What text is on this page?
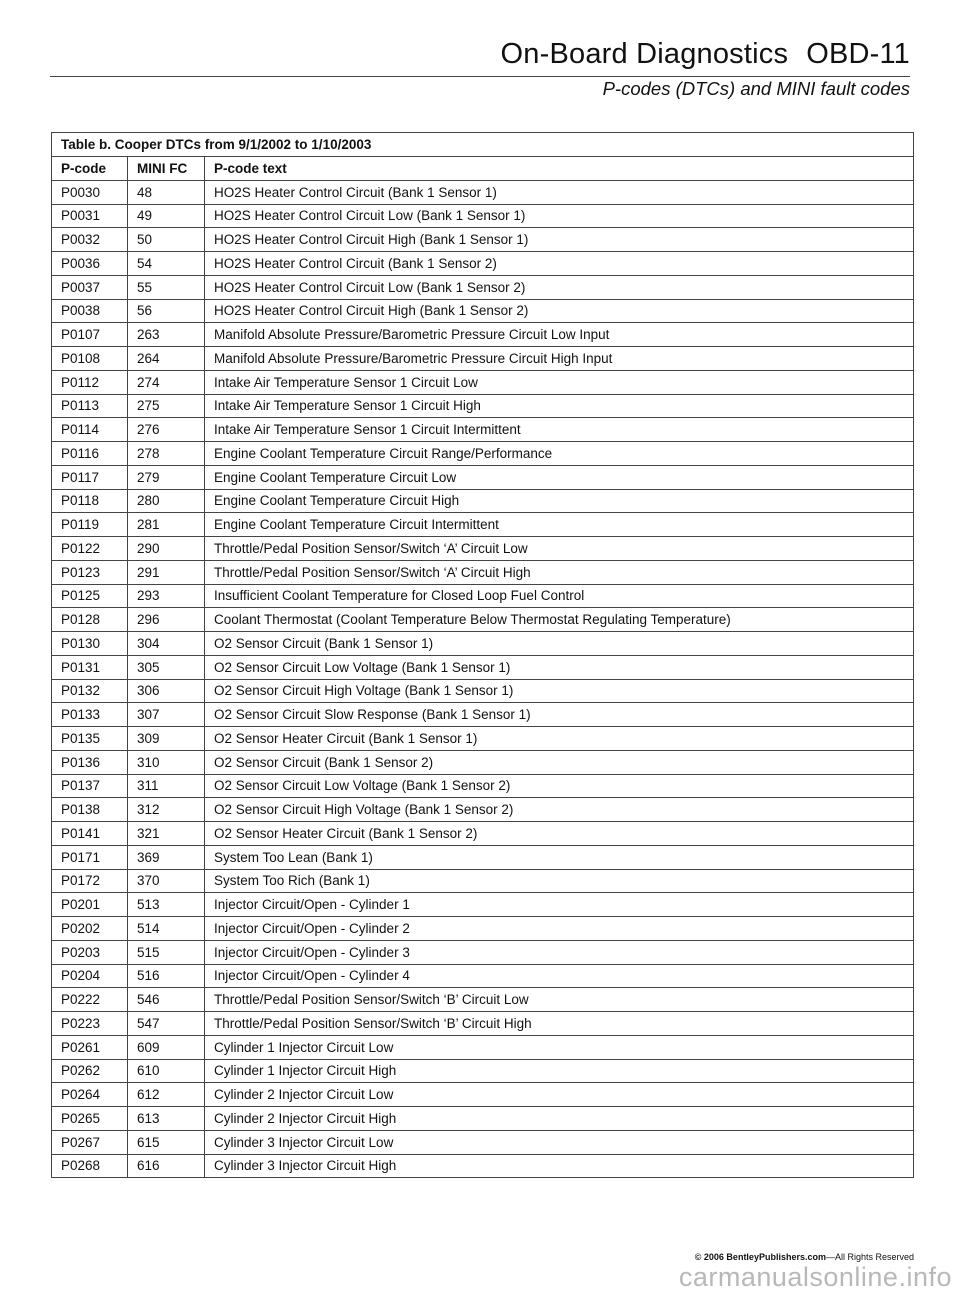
On-Board Diagnostics OBD-11
P-codes (DTCs) and MINI fault codes
Table b. Cooper DTCs from 9/1/2002 to 1/10/2003		
P-code	MINI FC	P-code text
P0030	48	HO2S Heater Control Circuit (Bank 1 Sensor 1)
P0031	49	HO2S Heater Control Circuit Low (Bank 1 Sensor 1)
P0032	50	HO2S Heater Control Circuit High (Bank 1 Sensor 1)
P0036	54	HO2S Heater Control Circuit (Bank 1 Sensor 2)
P0037	55	HO2S Heater Control Circuit Low (Bank 1 Sensor 2)
P0038	56	HO2S Heater Control Circuit High (Bank 1 Sensor 2)
P0107	263	Manifold Absolute Pressure/Barometric Pressure Circuit Low Input
P0108	264	Manifold Absolute Pressure/Barometric Pressure Circuit High Input
P0112	274	Intake Air Temperature Sensor 1 Circuit Low
P0113	275	Intake Air Temperature Sensor 1 Circuit High
P0114	276	Intake Air Temperature Sensor 1 Circuit Intermittent
P0116	278	Engine Coolant Temperature Circuit Range/Performance
P0117	279	Engine Coolant Temperature Circuit Low
P0118	280	Engine Coolant Temperature Circuit High
P0119	281	Engine Coolant Temperature Circuit Intermittent
P0122	290	Throttle/Pedal Position Sensor/Switch ‘A’ Circuit Low
P0123	291	Throttle/Pedal Position Sensor/Switch ‘A’ Circuit High
P0125	293	Insufficient Coolant Temperature for Closed Loop Fuel Control
P0128	296	Coolant Thermostat (Coolant Temperature Below Thermostat Regulating Temperature)
P0130	304	O2 Sensor Circuit (Bank 1 Sensor 1)
P0131	305	O2 Sensor Circuit Low Voltage (Bank 1 Sensor 1)
P0132	306	O2 Sensor Circuit High Voltage (Bank 1 Sensor 1)
P0133	307	O2 Sensor Circuit Slow Response (Bank 1 Sensor 1)
P0135	309	O2 Sensor Heater Circuit (Bank 1 Sensor 1)
P0136	310	O2 Sensor Circuit (Bank 1 Sensor 2)
P0137	311	O2 Sensor Circuit Low Voltage (Bank 1 Sensor 2)
P0138	312	O2 Sensor Circuit High Voltage (Bank 1 Sensor 2)
P0141	321	O2 Sensor Heater Circuit (Bank 1 Sensor 2)
P0171	369	System Too Lean (Bank 1)
P0172	370	System Too Rich (Bank 1)
P0201	513	Injector Circuit/Open - Cylinder 1
P0202	514	Injector Circuit/Open - Cylinder 2
P0203	515	Injector Circuit/Open - Cylinder 3
P0204	516	Injector Circuit/Open - Cylinder 4
P0222	546	Throttle/Pedal Position Sensor/Switch ‘B’ Circuit Low
P0223	547	Throttle/Pedal Position Sensor/Switch ‘B’ Circuit High
P0261	609	Cylinder 1 Injector Circuit Low
P0262	610	Cylinder 1 Injector Circuit High
P0264	612	Cylinder 2 Injector Circuit Low
P0265	613	Cylinder 2 Injector Circuit High
P0267	615	Cylinder 3 Injector Circuit Low
P0268	616	Cylinder 3 Injector Circuit High
© 2006 BentleyPublishers.com—All Rights Reserved
carmanualsonline.info
